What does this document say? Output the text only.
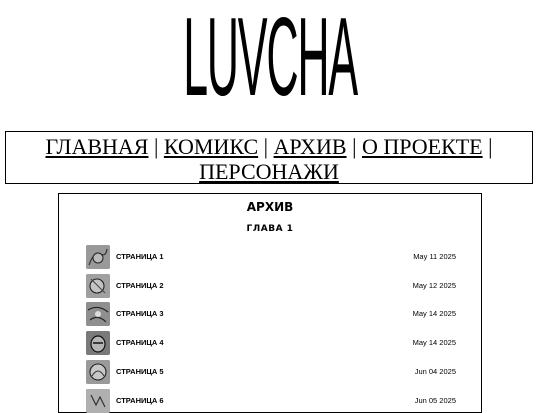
LUVCHA
ГЛАВНАЯ | КОМИКС | АРХИВ | О ПРОЕКТЕ |
ПЕРСОНАЖИ
АРХИВ
ГЛАВА 1
СТРАНИЦА 1	May 11 2025
СТРАНИЦА 2	May 12 2025
СТРАНИЦА 3	May 14 2025
СТРАНИЦА 4	May 14 2025
СТРАНИЦА 5	Jun 04 2025
СТРАНИЦА 6	Jun 05 2025
